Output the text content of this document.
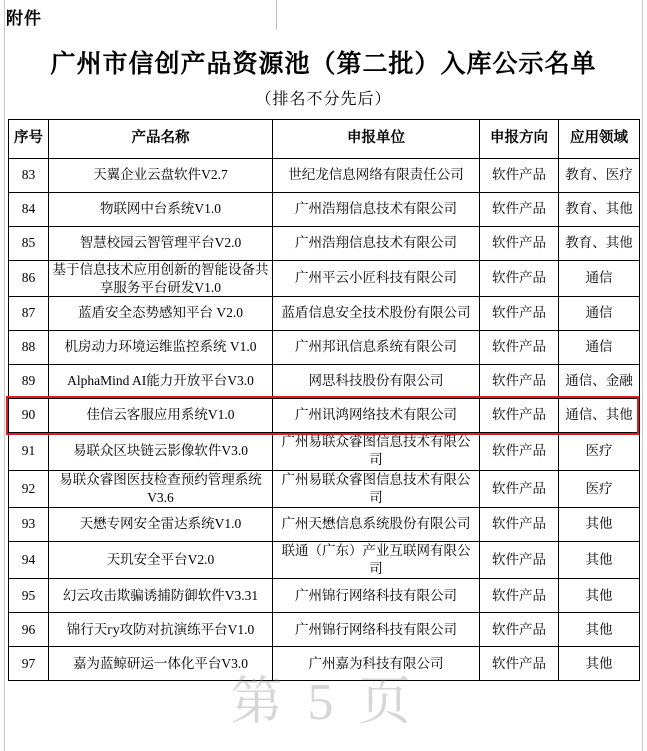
附件
广州市信创产品资源池（第二批）入库公示名单
（排名不分先后）
序号	产品名称	申报单位	申报方向	应用领域
83	天翼企业云盘软件V2.7	世纪龙信息网络有限责任公司	软件产品	教育、医疗
84	物联网中台系统V1.0	广州浩翔信息技术有限公司	软件产品	教育、其他
85	智慧校园云智管理平台V2.0	广州浩翔信息技术有限公司	软件产品	教育、其他
86	基于信息技术应用创新的智能设备共享服务平台研发V1.0	广州平云小匠科技有限公司	软件产品	通信
87	蓝盾安全态势感知平台 V2.0	蓝盾信息安全技术股份有限公司	软件产品	通信
88	机房动力环境运维监控系统 V1.0	广州邦讯信息系统有限公司	软件产品	通信
89	AlphaMind AI能力开放平台V3.0	网思科技股份有限公司	软件产品	通信、金融
90	佳信云客服应用系统V1.0	广州讯鸿网络技术有限公司	软件产品	通信、其他
91	易联众区块链云影像软件V3.0	广州易联众睿图信息技术有限公司	软件产品	医疗
92	易联众睿图医技检查预约管理系统V3.6	广州易联众睿图信息技术有限公司	软件产品	医疗
93	天懋专网安全雷达系统V1.0	广州天懋信息系统股份有限公司	软件产品	其他
94	天玑安全平台V2.0	联通（广东）产业互联网有限公司	软件产品	其他
95	幻云攻击欺骗诱捕防御软件V3.31	广州锦行网络科技有限公司	软件产品	其他
96	锦行天гу攻防对抗演练平台V1.0	广州锦行网络科技有限公司	软件产品	其他
97	嘉为蓝鲸研运一体化平台V3.0	广州嘉为科技有限公司	软件产品	其他
第 5 页
